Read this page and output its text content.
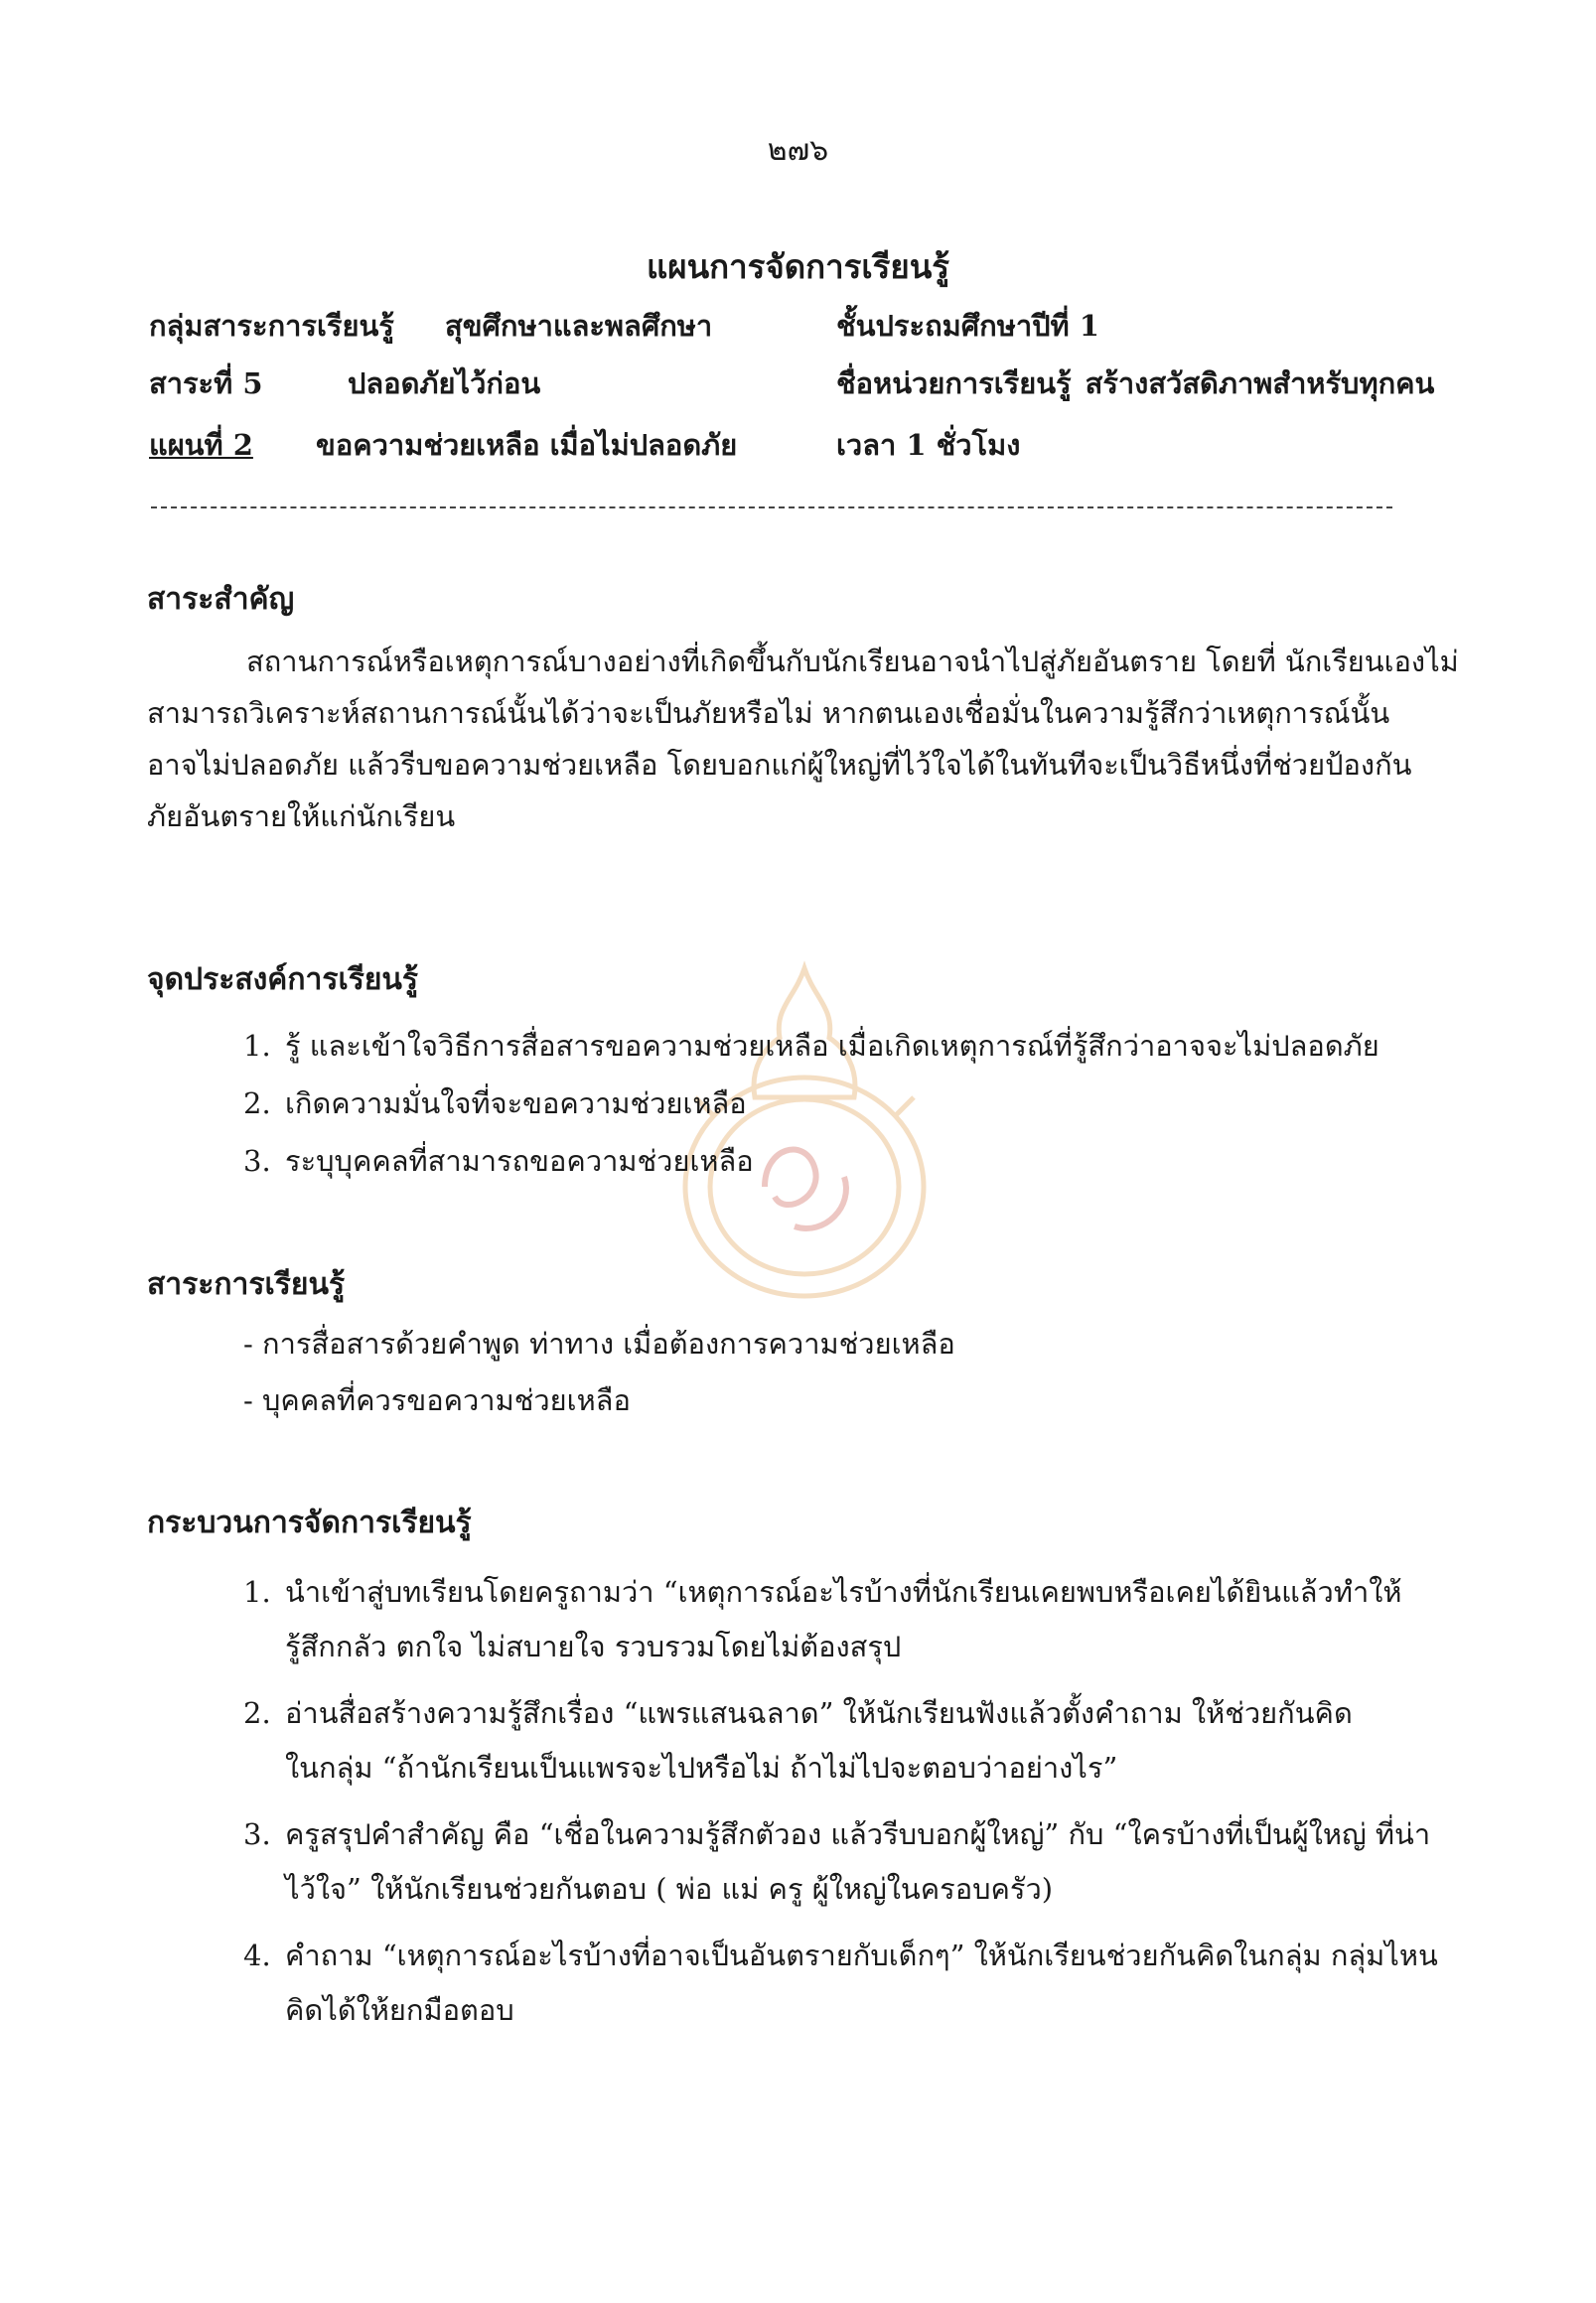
๒๗๖
แผนการจัดการเรียนรู้
กลุ่มสาระการเรียนรู้ สุขศึกษาและพลศึกษา	ชั้นประถมศึกษาปีที่ 1
สาระที่ 5	ปลอดภัยไว้ก่อน	ชื่อหน่วยการเรียนรู้ สร้างสวัสดิภาพสำหรับทุกคน
แผนที่ 2 ขอความช่วยเหลือ เมื่อไม่ปลอดภัย	เวลา 1 ชั่วโมง
สาระสำคัญ
สถานการณ์หรือเหตุการณ์บางอย่างที่เกิดขึ้นกับนักเรียนอาจนำไปสู่ภัยอันตราย โดยที่ นักเรียนเองไม่
สามารถวิเคราะห์สถานการณ์นั้นได้ว่าจะเป็นภัยหรือไม่ หากตนเองเชื่อมั่นในความรู้สึกว่าเหตุการณ์นั้น
อาจไม่ปลอดภัย แล้วรีบขอความช่วยเหลือ โดยบอกแก่ผู้ใหญ่ที่ไว้ใจได้ในทันทีจะเป็นวิธีหนึ่งที่ช่วยป้องกัน
ภัยอันตรายให้แก่นักเรียน
จุดประสงค์การเรียนรู้
1. รู้ และเข้าใจวิธีการสื่อสารขอความช่วยเหลือ เมื่อเกิดเหตุการณ์ที่รู้สึกว่าอาจจะไม่ปลอดภัย
2. เกิดความมั่นใจที่จะขอความช่วยเหลือ
3. ระบุบุคคลที่สามารถขอความช่วยเหลือ
สาระการเรียนรู้
- การสื่อสารด้วยคำพูด ท่าทาง เมื่อต้องการความช่วยเหลือ
- บุคคลที่ควรขอความช่วยเหลือ
กระบวนการจัดการเรียนรู้
1. นำเข้าสู่บทเรียนโดยครูถามว่า “เหตุการณ์อะไรบ้างที่นักเรียนเคยพบหรือเคยได้ยินแล้วทำให้
รู้สึกกลัว ตกใจ ไม่สบายใจ รวบรวมโดยไม่ต้องสรุป
2. อ่านสื่อสร้างความรู้สึกเรื่อง “แพรแสนฉลาด” ให้นักเรียนฟังแล้วตั้งคำถาม ให้ช่วยกันคิด
ในกลุ่ม “ถ้านักเรียนเป็นแพรจะไปหรือไม่ ถ้าไม่ไปจะตอบว่าอย่างไร”
3. ครูสรุปคำสำคัญ คือ “เชื่อในความรู้สึกตัวอง แล้วรีบบอกผู้ใหญ่” กับ “ใครบ้างที่เป็นผู้ใหญ่ ที่น่า
ไว้ใจ” ให้นักเรียนช่วยกันตอบ ( พ่อ แม่ ครู ผู้ใหญ่ในครอบครัว)
4. คำถาม “เหตุการณ์อะไรบ้างที่อาจเป็นอันตรายกับเด็กๆ” ให้นักเรียนช่วยกันคิดในกลุ่ม กลุ่มไหน
คิดได้ให้ยกมือตอบ
